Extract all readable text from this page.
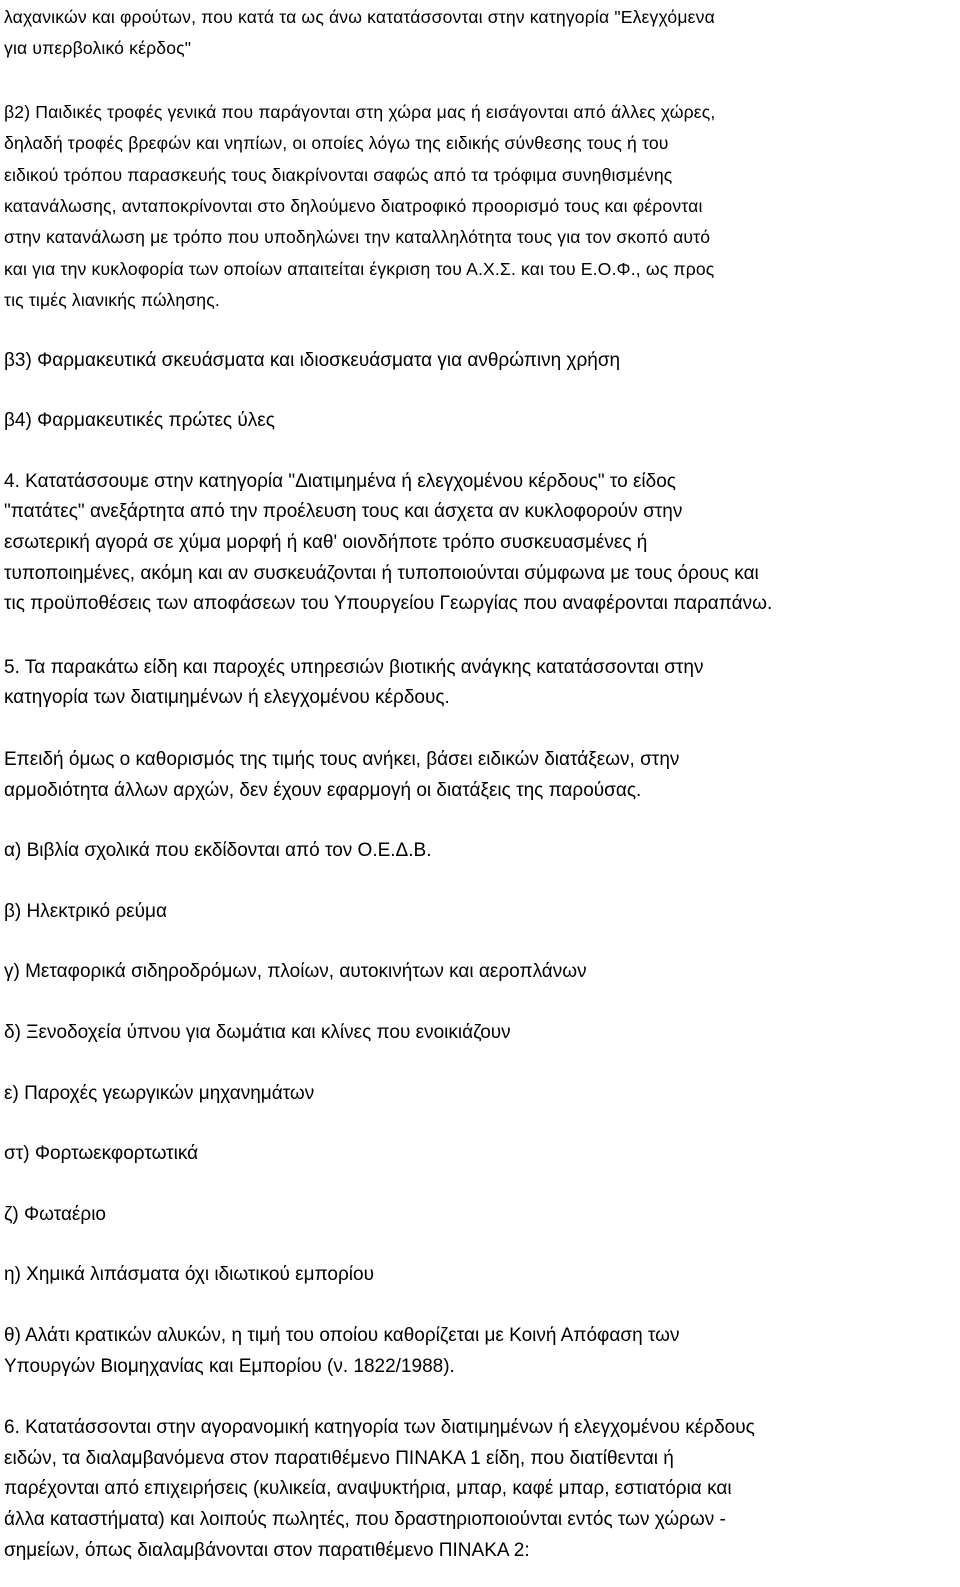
λαχανικών και φρούτων, που κατά τα ως άνω κατατάσσονται στην κατηγορία "Ελεγχόμενα
για υπερβολικό κέρδος"

β2) Παιδικές τροφές γενικά που παράγονται στη χώρα μας ή εισάγονται από άλλες χώρες,
δηλαδή τροφές βρεφών και νηπίων, οι οποίες λόγω της ειδικής σύνθεσης τους ή του
ειδικού τρόπου παρασκευής τους διακρίνονται σαφώς από τα τρόφιμα συνηθισμένης
κατανάλωσης, ανταποκρίνονται στο δηλούμενο διατροφικό προορισμό τους και φέρονται
στην κατανάλωση με τρόπο που υποδηλώνει την καταλληλότητα τους για τον σκοπό αυτό
και για την κυκλοφορία των οποίων απαιτείται έγκριση του Α.Χ.Σ. και του Ε.Ο.Φ., ως προς
τις τιμές λιανικής πώλησης.

β3) Φαρμακευτικά σκευάσματα και ιδιοσκευάσματα για ανθρώπινη χρήση

β4) Φαρμακευτικές πρώτες ύλες

4. Κατατάσσουμε στην κατηγορία "Διατιμημένα ή ελεγχομένου κέρδους" το είδος
"πατάτες" ανεξάρτητα από την προέλευση τους και άσχετα αν κυκλοφορούν στην
εσωτερική αγορά σε χύμα μορφή ή καθ' οιονδήποτε τρόπο συσκευασμένες ή
τυποποιημένες, ακόμη και αν συσκευάζονται ή τυποποιούνται σύμφωνα με τους όρους και
τις προϋποθέσεις των αποφάσεων του Υπουργείου Γεωργίας που αναφέρονται παραπάνω.

5. Τα παρακάτω είδη και παροχές υπηρεσιών βιοτικής ανάγκης κατατάσσονται στην
κατηγορία των διατιμημένων ή ελεγχομένου κέρδους.

Επειδή όμως ο καθορισμός της τιμής τους ανήκει, βάσει ειδικών διατάξεων, στην
αρμοδιότητα άλλων αρχών, δεν έχουν εφαρμογή οι διατάξεις της παρούσας.

α) Βιβλία σχολικά που εκδίδονται από τον Ο.Ε.Δ.Β.

β) Ηλεκτρικό ρεύμα

γ) Μεταφορικά σιδηροδρόμων, πλοίων, αυτοκινήτων και αεροπλάνων

δ) Ξενοδοχεία ύπνου για δωμάτια και κλίνες που ενοικιάζουν

ε) Παροχές γεωργικών μηχανημάτων

στ) Φορτωεκφορτωτικά

ζ) Φωταέριο

η) Χημικά λιπάσματα όχι ιδιωτικού εμπορίου

θ) Αλάτι κρατικών αλυκών, η τιμή του οποίου καθορίζεται με Κοινή Απόφαση των
Υπουργών Βιομηχανίας και Εμπορίου (ν. 1822/1988).

6. Κατατάσσονται στην αγορανομική κατηγορία των διατιμημένων ή ελεγχομένου κέρδους
ειδών, τα διαλαμβανόμενα στον παρατιθέμενο ΠΙΝΑΚΑ 1 είδη, που διατίθενται ή
παρέχονται από επιχειρήσεις (κυλικεία, αναψυκτήρια, μπαρ, καφέ μπαρ, εστιατόρια και
άλλα καταστήματα) και λοιπούς πωλητές, που δραστηριοποιούνται εντός των χώρων -
σημείων, όπως διαλαμβάνονται στον παρατιθέμενο ΠΙΝΑΚΑ 2:
